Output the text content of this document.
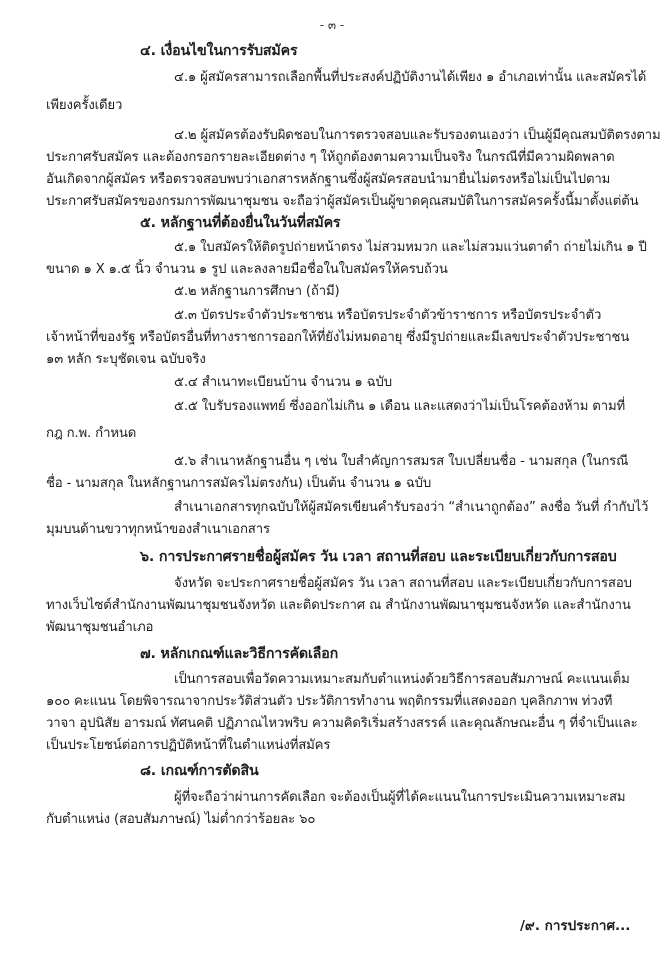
- ๓ -
๔. เงื่อนไขในการรับสมัคร
๔.๑ ผู้สมัครสามารถเลือกพื้นที่ประสงค์ปฏิบัติงานได้เพียง ๑ อำเภอเท่านั้น และสมัครได้
เพียงครั้งเดียว
๔.๒ ผู้สมัครต้องรับผิดชอบในการตรวจสอบและรับรองตนเองว่า เป็นผู้มีคุณสมบัติตรงตาม
ประกาศรับสมัคร และต้องกรอกรายละเอียดต่าง ๆ ให้ถูกต้องตามความเป็นจริง ในกรณีที่มีความผิดพลาด
อันเกิดจากผู้สมัคร หรือตรวจสอบพบว่าเอกสารหลักฐานซึ่งผู้สมัครสอบนำมายื่นไม่ตรงหรือไม่เป็นไปตาม
ประกาศรับสมัครของกรมการพัฒนาชุมชน จะถือว่าผู้สมัครเป็นผู้ขาดคุณสมบัติในการสมัครครั้งนี้มาตั้งแต่ต้น
๕. หลักฐานที่ต้องยื่นในวันที่สมัคร
๕.๑ ใบสมัครให้ติดรูปถ่ายหน้าตรง ไม่สวมหมวก และไม่สวมแว่นตาดำ ถ่ายไม่เกิน ๑ ปี
ขนาด ๑ X ๑.๕ นิ้ว จำนวน ๑ รูป และลงลายมือชื่อในใบสมัครให้ครบถ้วน
๕.๒ หลักฐานการศึกษา (ถ้ามี)
๕.๓ บัตรประจำตัวประชาชน หรือบัตรประจำตัวข้าราชการ หรือบัตรประจำตัว
เจ้าหน้าที่ของรัฐ หรือบัตรอื่นที่ทางราชการออกให้ที่ยังไม่หมดอายุ ซึ่งมีรูปถ่ายและมีเลขประจำตัวประชาชน
๑๓ หลัก ระบุชัดเจน ฉบับจริง
๕.๔ สำเนาทะเบียนบ้าน จำนวน ๑ ฉบับ
๕.๕ ใบรับรองแพทย์ ซึ่งออกไม่เกิน ๑ เดือน และแสดงว่าไม่เป็นโรคต้องห้าม ตามที่
กฎ ก.พ. กำหนด
๕.๖ สำเนาหลักฐานอื่น ๆ เช่น ใบสำคัญการสมรส ใบเปลี่ยนชื่อ - นามสกุล (ในกรณี
ชื่อ - นามสกุล ในหลักฐานการสมัครไม่ตรงกัน) เป็นต้น จำนวน ๑ ฉบับ
สำเนาเอกสารทุกฉบับให้ผู้สมัครเขียนคำรับรองว่า “สำเนาถูกต้อง” ลงชื่อ วันที่ กำกับไว้
มุมบนด้านขวาทุกหน้าของสำเนาเอกสาร
๖. การประกาศรายชื่อผู้สมัคร วัน เวลา สถานที่สอบ และระเบียบเกี่ยวกับการสอบ
จังหวัด จะประกาศรายชื่อผู้สมัคร วัน เวลา สถานที่สอบ และระเบียบเกี่ยวกับการสอบ
ทางเว็บไซต์สำนักงานพัฒนาชุมชนจังหวัด และติดประกาศ ณ สำนักงานพัฒนาชุมชนจังหวัด และสำนักงาน
พัฒนาชุมชนอำเภอ
๗. หลักเกณฑ์และวิธีการคัดเลือก
เป็นการสอบเพื่อวัดความเหมาะสมกับตำแหน่งด้วยวิธีการสอบสัมภาษณ์ คะแนนเต็ม
๑๐๐ คะแนน โดยพิจารณาจากประวัติส่วนตัว ประวัติการทำงาน พฤติกรรมที่แสดงออก บุคลิกภาพ ท่วงที
วาจา อุปนิสัย อารมณ์ ทัศนคติ ปฏิภาณไหวพริบ ความคิดริเริ่มสร้างสรรค์ และคุณลักษณะอื่น ๆ ที่จำเป็นและ
เป็นประโยชน์ต่อการปฏิบัติหน้าที่ในตำแหน่งที่สมัคร
๘. เกณฑ์การตัดสิน
ผู้ที่จะถือว่าผ่านการคัดเลือก จะต้องเป็นผู้ที่ได้คะแนนในการประเมินความเหมาะสม
กับตำแหน่ง (สอบสัมภาษณ์) ไม่ต่ำกว่าร้อยละ ๖๐
/๙. การประกาศ...
